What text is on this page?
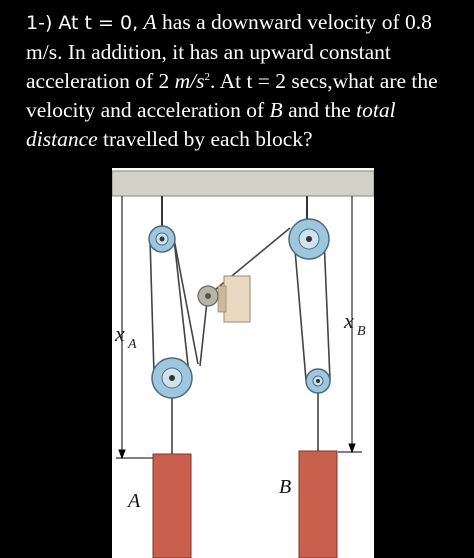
1-) At t = 0, A has a downward velocity of 0.8 m/s. In addition, it has an upward constant acceleration of 2 $m/s^2$. At t = 2 secs,what are the velocity and acceleration of B and the total distance travelled by each block?
x A
x B
A
B
